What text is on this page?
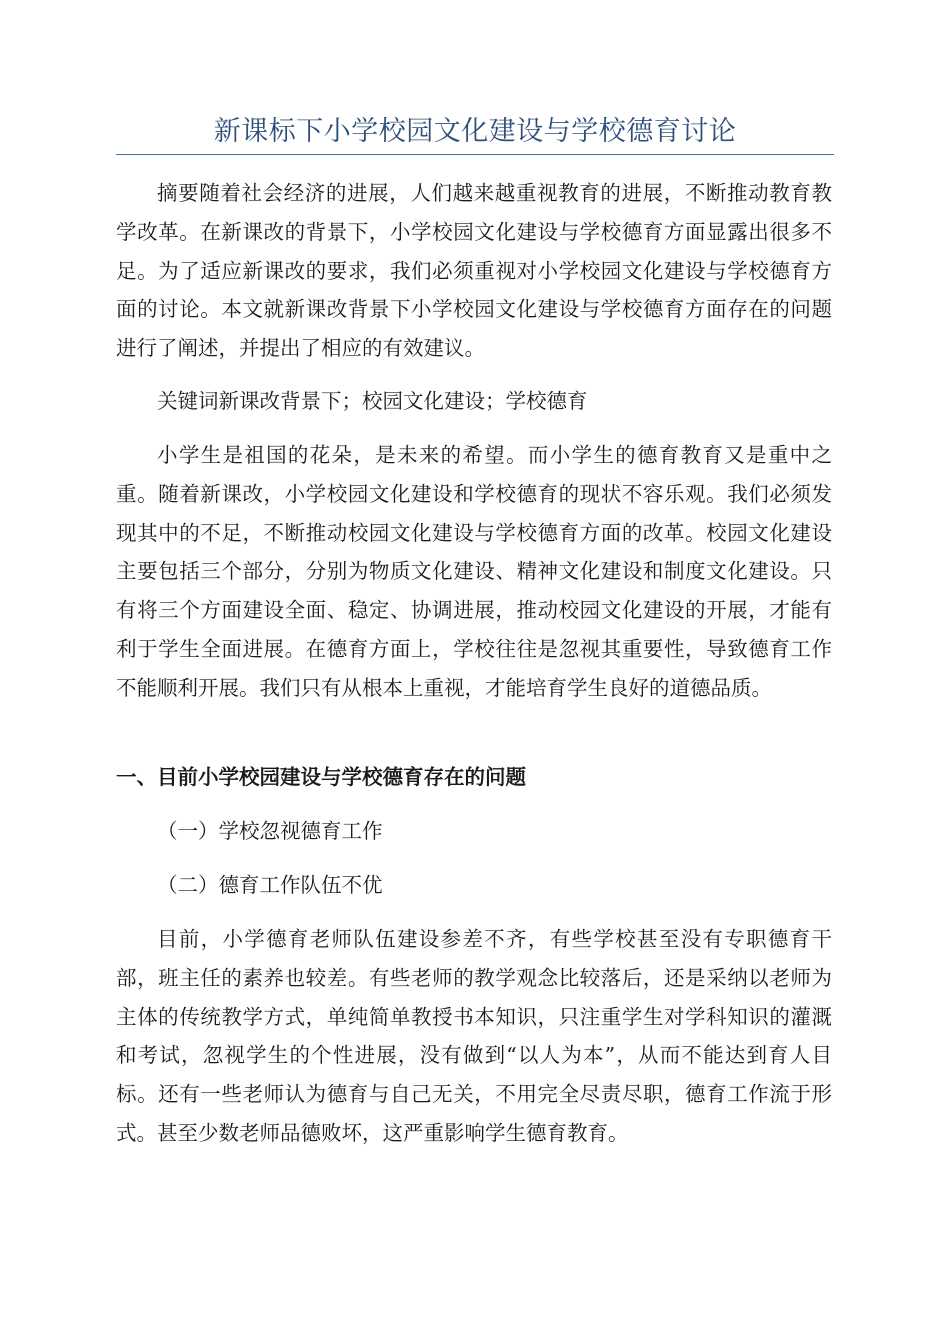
新课标下小学校园文化建设与学校德育讨论

摘要随着社会经济的进展，人们越来越重视教育的进展，不断推动教育教学改革。在新课改的背景下，小学校园文化建设与学校德育方面显露出很多不足。为了适应新课改的要求，我们必须重视对小学校园文化建设与学校德育方面的讨论。本文就新课改背景下小学校园文化建设与学校德育方面存在的问题进行了阐述，并提出了相应的有效建议。

关键词新课改背景下；校园文化建设；学校德育

小学生是祖国的花朵，是未来的希望。而小学生的德育教育又是重中之重。随着新课改，小学校园文化建设和学校德育的现状不容乐观。我们必须发现其中的不足，不断推动校园文化建设与学校德育方面的改革。校园文化建设主要包括三个部分，分别为物质文化建设、精神文化建设和制度文化建设。只有将三个方面建设全面、稳定、协调进展，推动校园文化建设的开展，才能有利于学生全面进展。在德育方面上，学校往往是忽视其重要性，导致德育工作不能顺利开展。我们只有从根本上重视，才能培育学生良好的道德品质。

一、目前小学校园建设与学校德育存在的问题

（一）学校忽视德育工作

（二）德育工作队伍不优

目前，小学德育老师队伍建设参差不齐，有些学校甚至没有专职德育干部，班主任的素养也较差。有些老师的教学观念比较落后，还是采纳以老师为主体的传统教学方式，单纯简单教授书本知识，只注重学生对学科知识的灌溉和考试，忽视学生的个性进展，没有做到“以人为本”，从而不能达到育人目标。还有一些老师认为德育与自己无关，不用完全尽责尽职，德育工作流于形式。甚至少数老师品德败坏，这严重影响学生德育教育。
